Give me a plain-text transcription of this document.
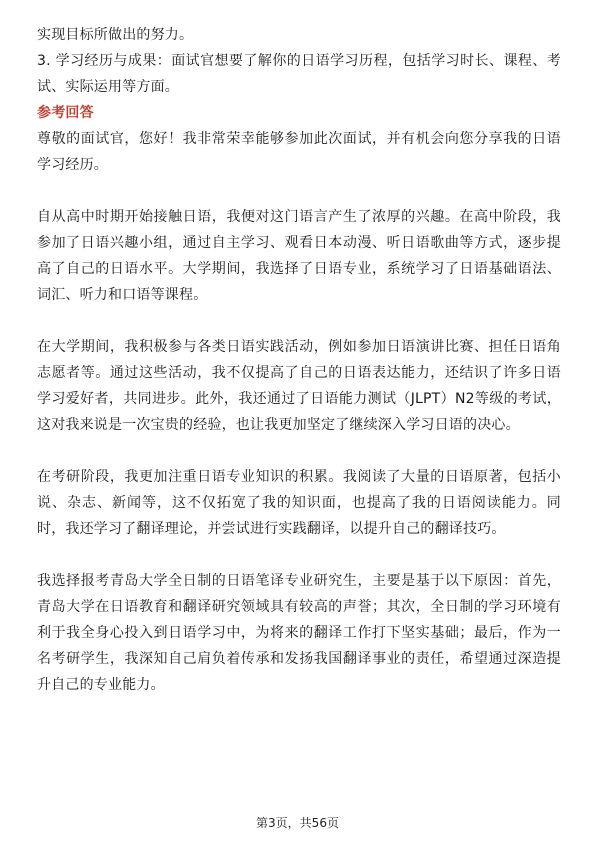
实现目标所做出的努力。

3. 学习经历与成果：面试官想要了解你的日语学习历程，包括学习时长、课程、考试、实际运用等方面。

参考回答

尊敬的面试官，您好！我非常荣幸能够参加此次面试，并有机会向您分享我的日语学习经历。

自从高中时期开始接触日语，我便对这门语言产生了浓厚的兴趣。在高中阶段，我参加了日语兴趣小组，通过自主学习、观看日本动漫、听日语歌曲等方式，逐步提高了自己的日语水平。大学期间，我选择了日语专业，系统学习了日语基础语法、词汇、听力和口语等课程。

在大学期间，我积极参与各类日语实践活动，例如参加日语演讲比赛、担任日语角志愿者等。通过这些活动，我不仅提高了自己的日语表达能力，还结识了许多日语学习爱好者，共同进步。此外，我还通过了日语能力测试（JLPT）N2等级的考试，这对我来说是一次宝贵的经验，也让我更加坚定了继续深入学习日语的决心。

在考研阶段，我更加注重日语专业知识的积累。我阅读了大量的日语原著，包括小说、杂志、新闻等，这不仅拓宽了我的知识面，也提高了我的日语阅读能力。同时，我还学习了翻译理论，并尝试进行实践翻译，以提升自己的翻译技巧。

我选择报考青岛大学全日制的日语笔译专业研究生，主要是基于以下原因：首先，青岛大学在日语教育和翻译研究领域具有较高的声誉；其次，全日制的学习环境有利于我全身心投入到日语学习中，为将来的翻译工作打下坚实基础；最后，作为一名考研学生，我深知自己肩负着传承和发扬我国翻译事业的责任，希望通过深造提升自己的专业能力。

第3页，共56页
